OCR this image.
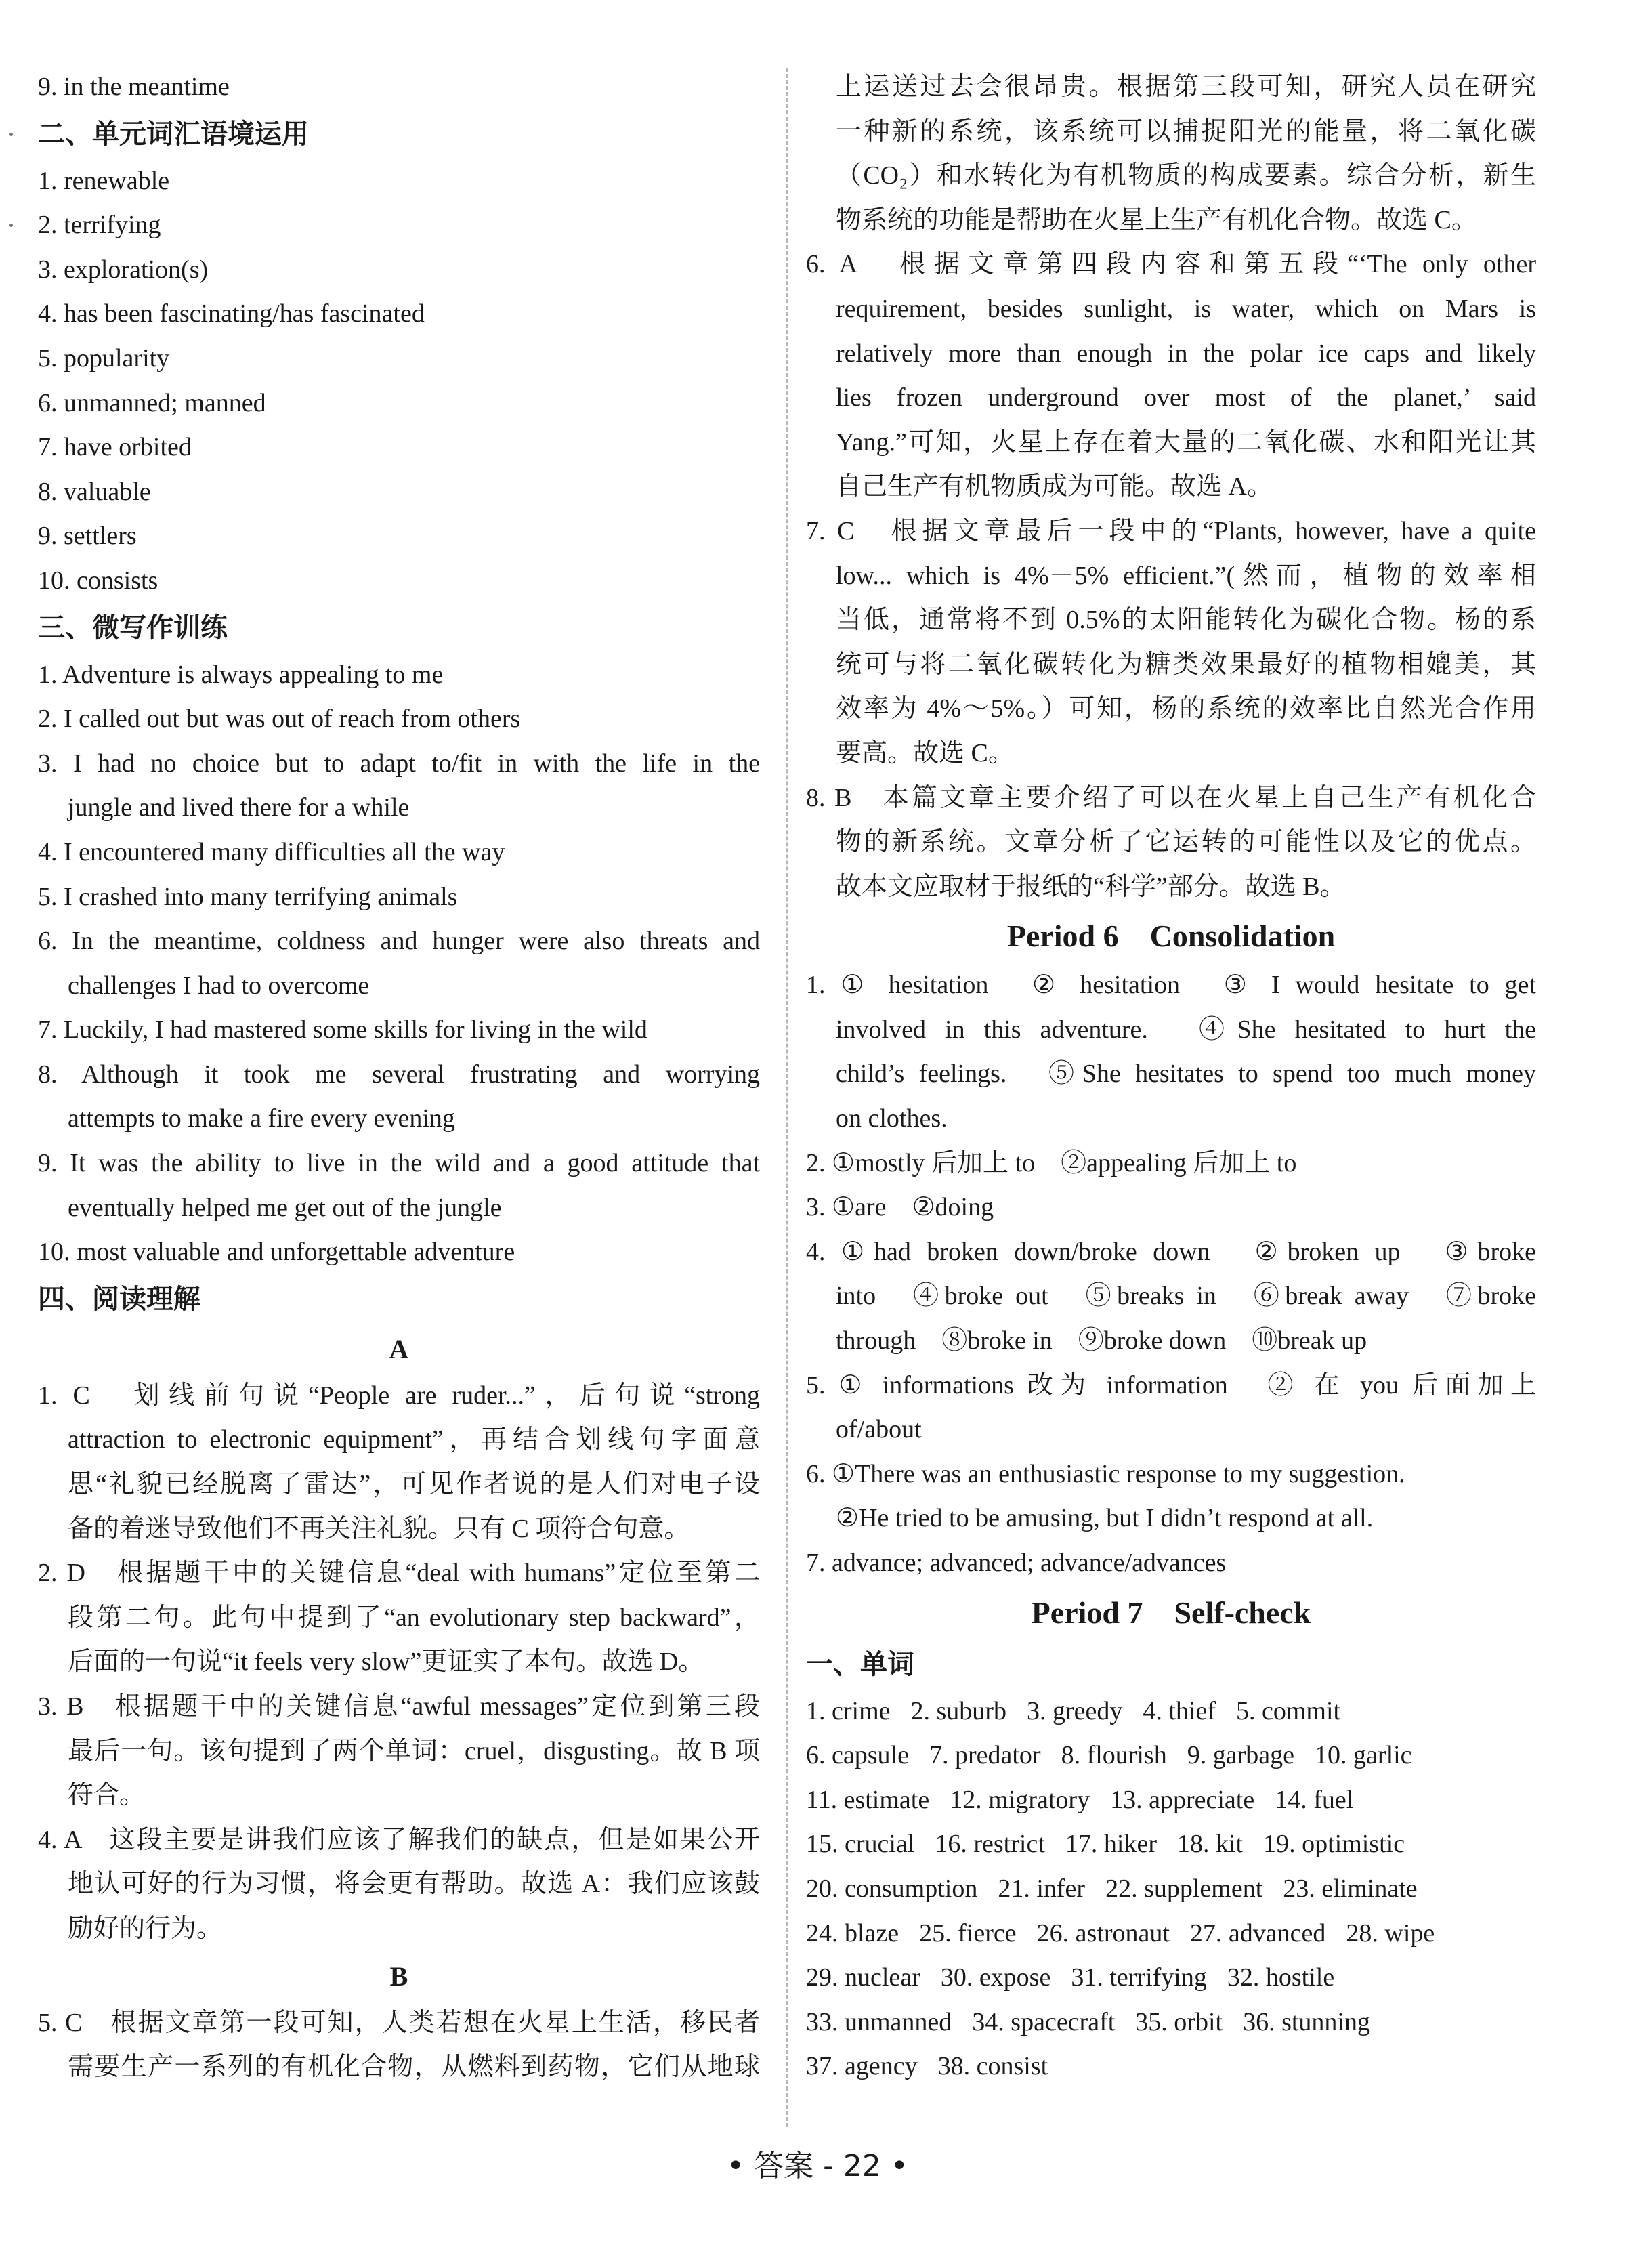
9. in the meantime
二、单元词汇语境运用
1. renewable
2. terrifying
3. exploration(s)
4. has been fascinating/has fascinated
5. popularity
6. unmanned; manned
7. have orbited
8. valuable
9. settlers
10. consists
三、微写作训练
1. Adventure is always appealing to me
2. I called out but was out of reach from others
3. I had no choice but to adapt to/fit in with the life in the
jungle and lived there for a while
4. I encountered many difficulties all the way
5. I crashed into many terrifying animals
6. In the meantime, coldness and hunger were also threats and
challenges I had to overcome
7. Luckily, I had mastered some skills for living in the wild
8. Although it took me several frustrating and worrying
attempts to make a fire every evening
9. It was the ability to live in the wild and a good attitude that
eventually helped me get out of the jungle
10. most valuable and unforgettable adventure
四、阅读理解
A
1. C　划线前句说“People are ruder...”，后句说“strong
attraction to electronic equipment”，再结合划线句字面意
思“礼貌已经脱离了雷达”，可见作者说的是人们对电子设
备的着迷导致他们不再关注礼貌。只有 C 项符合句意。
2. D　根据题干中的关键信息“deal with humans”定位至第二
段第二句。此句中提到了“an evolutionary step backward”，
后面的一句说“it feels very slow”更证实了本句。故选 D。
3. B　根据题干中的关键信息“awful messages”定位到第三段
最后一句。该句提到了两个单词：cruel，disgusting。故 B 项
符合。
4. A　这段主要是讲我们应该了解我们的缺点，但是如果公开
地认可好的行为习惯，将会更有帮助。故选 A：我们应该鼓
励好的行为。
B
5. C　根据文章第一段可知，人类若想在火星上生活，移民者
需要生产一系列的有机化合物，从燃料到药物，它们从地球
上运送过去会很昂贵。根据第三段可知，研究人员在研究
一种新的系统，该系统可以捕捉阳光的能量，将二氧化碳
（CO₂）和水转化为有机物质的构成要素。综合分析，新生
物系统的功能是帮助在火星上生产有机化合物。故选 C。
6. A　根据文章第四段内容和第五段“‘The only other
requirement, besides sunlight, is water, which on Mars is
relatively more than enough in the polar ice caps and likely
lies frozen underground over most of the planet,’ said
Yang.”可知，火星上存在着大量的二氧化碳、水和阳光让其
自己生产有机物质成为可能。故选 A。
7. C　根据文章最后一段中的“Plants, however, have a quite
low... which is 4%－5% efficient.”(然而，植物的效率相
当低，通常将不到 0.5%的太阳能转化为碳化合物。杨的系
统可与将二氧化碳转化为糖类效果最好的植物相媲美，其
效率为 4%～5%。）可知，杨的系统的效率比自然光合作用
要高。故选 C。
8. B　本篇文章主要介绍了可以在火星上自己生产有机化合
物的新系统。文章分析了它运转的可能性以及它的优点。
故本文应取材于报纸的“科学”部分。故选 B。
Period 6　Consolidation
1. ① hesitation　② hesitation　③ I would hesitate to get
involved in this adventure.　④She hesitated to hurt the
child’s feelings.　⑤She hesitates to spend too much money
on clothes.
2. ①mostly 后加上 to　②appealing 后加上 to
3. ①are　②doing
4. ①had broken down/broke down　②broken up　③broke
into　④broke out　⑤breaks in　⑥break away　⑦broke
through　⑧broke in　⑨broke down　⑩break up
5. ① informations 改为 information　② 在 you 后面加上
of/about
6. ①There was an enthusiastic response to my suggestion.
②He tried to be amusing, but I didn’t respond at all.
7. advance; advanced; advance/advances
Period 7　Self-check
一、单词
1. crime 2. suburb 3. greedy 4. thief 5. commit
6. capsule 7. predator 8. flourish 9. garbage 10. garlic
11. estimate 12. migratory 13. appreciate 14. fuel
15. crucial 16. restrict 17. hiker 18. kit 19. optimistic
20. consumption 21. infer 22. supplement 23. eliminate
24. blaze 25. fierce 26. astronaut 27. advanced 28. wipe
29. nuclear 30. expose 31. terrifying 32. hostile
33. unmanned 34. spacecraft 35. orbit 36. stunning
37. agency 38. consist
• 答案 - 22 •
